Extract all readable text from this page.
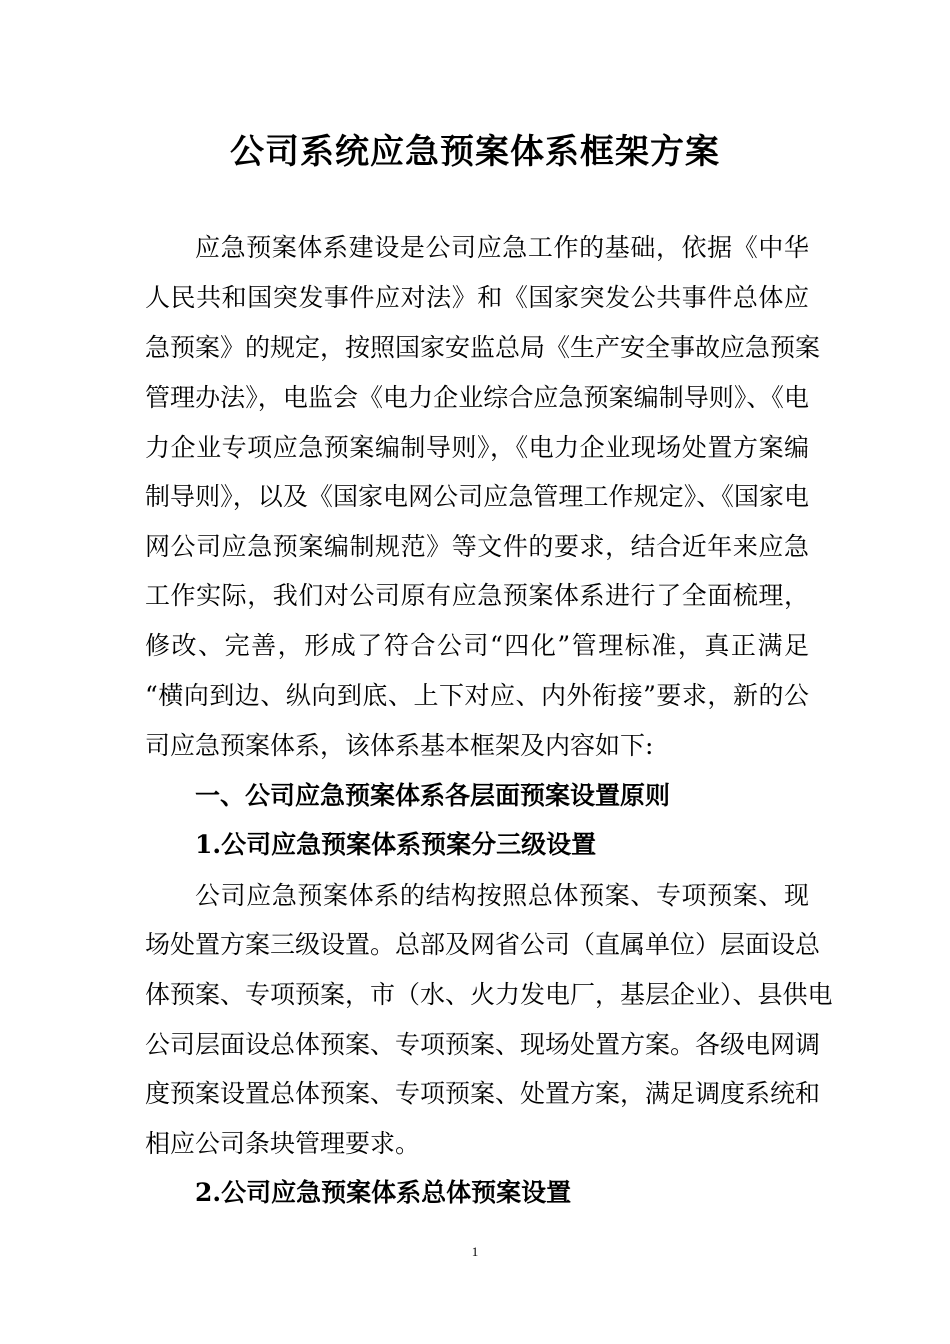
公司系统应急预案体系框架方案
应急预案体系建设是公司应急工作的基础，依据《中华
人民共和国突发事件应对法》和《国家突发公共事件总体应
急预案》的规定，按照国家安监总局《生产安全事故应急预案
管理办法》，电监会《电力企业综合应急预案编制导则》、《电
力企业专项应急预案编制导则》，《电力企业现场处置方案编
制导则》，以及《国家电网公司应急管理工作规定》、《国家电
网公司应急预案编制规范》等文件的要求，结合近年来应急
工作实际，我们对公司原有应急预案体系进行了全面梳理，
修改、完善，形成了符合公司“四化”管理标准，真正满足
“横向到边、纵向到底、上下对应、内外衔接”要求，新的公
司应急预案体系，该体系基本框架及内容如下:
一、公司应急预案体系各层面预案设置原则
1.公司应急预案体系预案分三级设置
公司应急预案体系的结构按照总体预案、专项预案、现
场处置方案三级设置。总部及网省公司（直属单位）层面设总
体预案、专项预案，市（水、火力发电厂，基层企业）、县供电
公司层面设总体预案、专项预案、现场处置方案。各级电网调
度预案设置总体预案、专项预案、处置方案，满足调度系统和
相应公司条块管理要求。
2.公司应急预案体系总体预案设置
1
